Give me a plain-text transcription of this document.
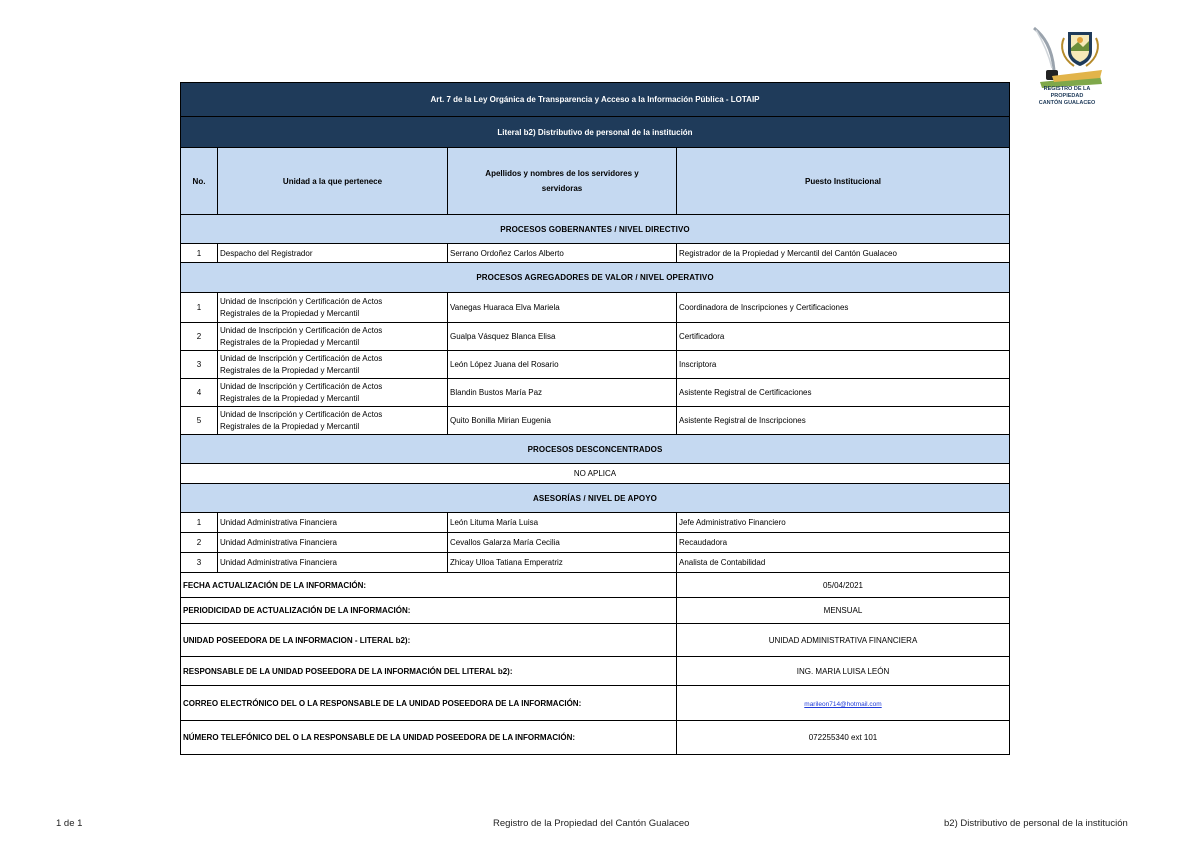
REGISTRO DE LA PROPIEDAD
CANTÓN GUALACEO
Art. 7 de la Ley Orgánica de Transparencia y Acceso a la Información Pública - LOTAIP			
Literal b2) Distributivo de personal de la institución			
No.	Unidad a la que pertenece	Apellidos y nombres de los servidores y
servidoras	Puesto Institucional
PROCESOS GOBERNANTES / NIVEL DIRECTIVO			
1	Despacho del Registrador	Serrano Ordoñez Carlos Alberto	Registrador de la Propiedad y Mercantil del Cantón Gualaceo
PROCESOS AGREGADORES DE VALOR / NIVEL OPERATIVO			
1	Unidad de Inscripción y Certificación de Actos
Registrales de la Propiedad y Mercantil	Vanegas Huaraca Elva Mariela	Coordinadora de Inscripciones y Certificaciones
2	Unidad de Inscripción y Certificación de Actos
Registrales de la Propiedad y Mercantil	Gualpa Vásquez Blanca Elisa	Certificadora
3	Unidad de Inscripción y Certificación de Actos
Registrales de la Propiedad y Mercantil	León López Juana del Rosario	Inscriptora
4	Unidad de Inscripción y Certificación de Actos
Registrales de la Propiedad y Mercantil	Blandin Bustos María Paz	Asistente Registral de Certificaciones
5	Unidad de Inscripción y Certificación de Actos
Registrales de la Propiedad y Mercantil	Quito Bonilla Mirian Eugenia	Asistente Registral de Inscripciones
PROCESOS DESCONCENTRADOS			
NO APLICA			
ASESORÍAS / NIVEL DE APOYO			
1	Unidad Administrativa Financiera	León Lituma María Luisa	Jefe Administrativo Financiero
2	Unidad Administrativa Financiera	Cevallos Galarza María Cecilia	Recaudadora
3	Unidad Administrativa Financiera	Zhicay Ulloa Tatiana Emperatriz	Analista de Contabilidad
FECHA ACTUALIZACIÓN DE LA INFORMACIÓN:			05/04/2021
PERIODICIDAD DE ACTUALIZACIÓN DE LA INFORMACIÓN:			MENSUAL
UNIDAD POSEEDORA DE LA INFORMACION - LITERAL b2):			UNIDAD ADMINISTRATIVA FINANCIERA
RESPONSABLE DE LA UNIDAD POSEEDORA DE LA INFORMACIÓN DEL LITERAL b2):			ING. MARIA LUISA LEÓN
CORREO ELECTRÓNICO DEL O LA RESPONSABLE DE LA UNIDAD POSEEDORA DE LA INFORMACIÓN:			marileon714@hotmail.com
NÚMERO TELEFÓNICO DEL O LA RESPONSABLE DE LA UNIDAD POSEEDORA DE LA INFORMACIÓN:			072255340 ext 101
1 de 1	Registro de la Propiedad del Cantón Gualaceo	b2) Distributivo de personal de la institución
